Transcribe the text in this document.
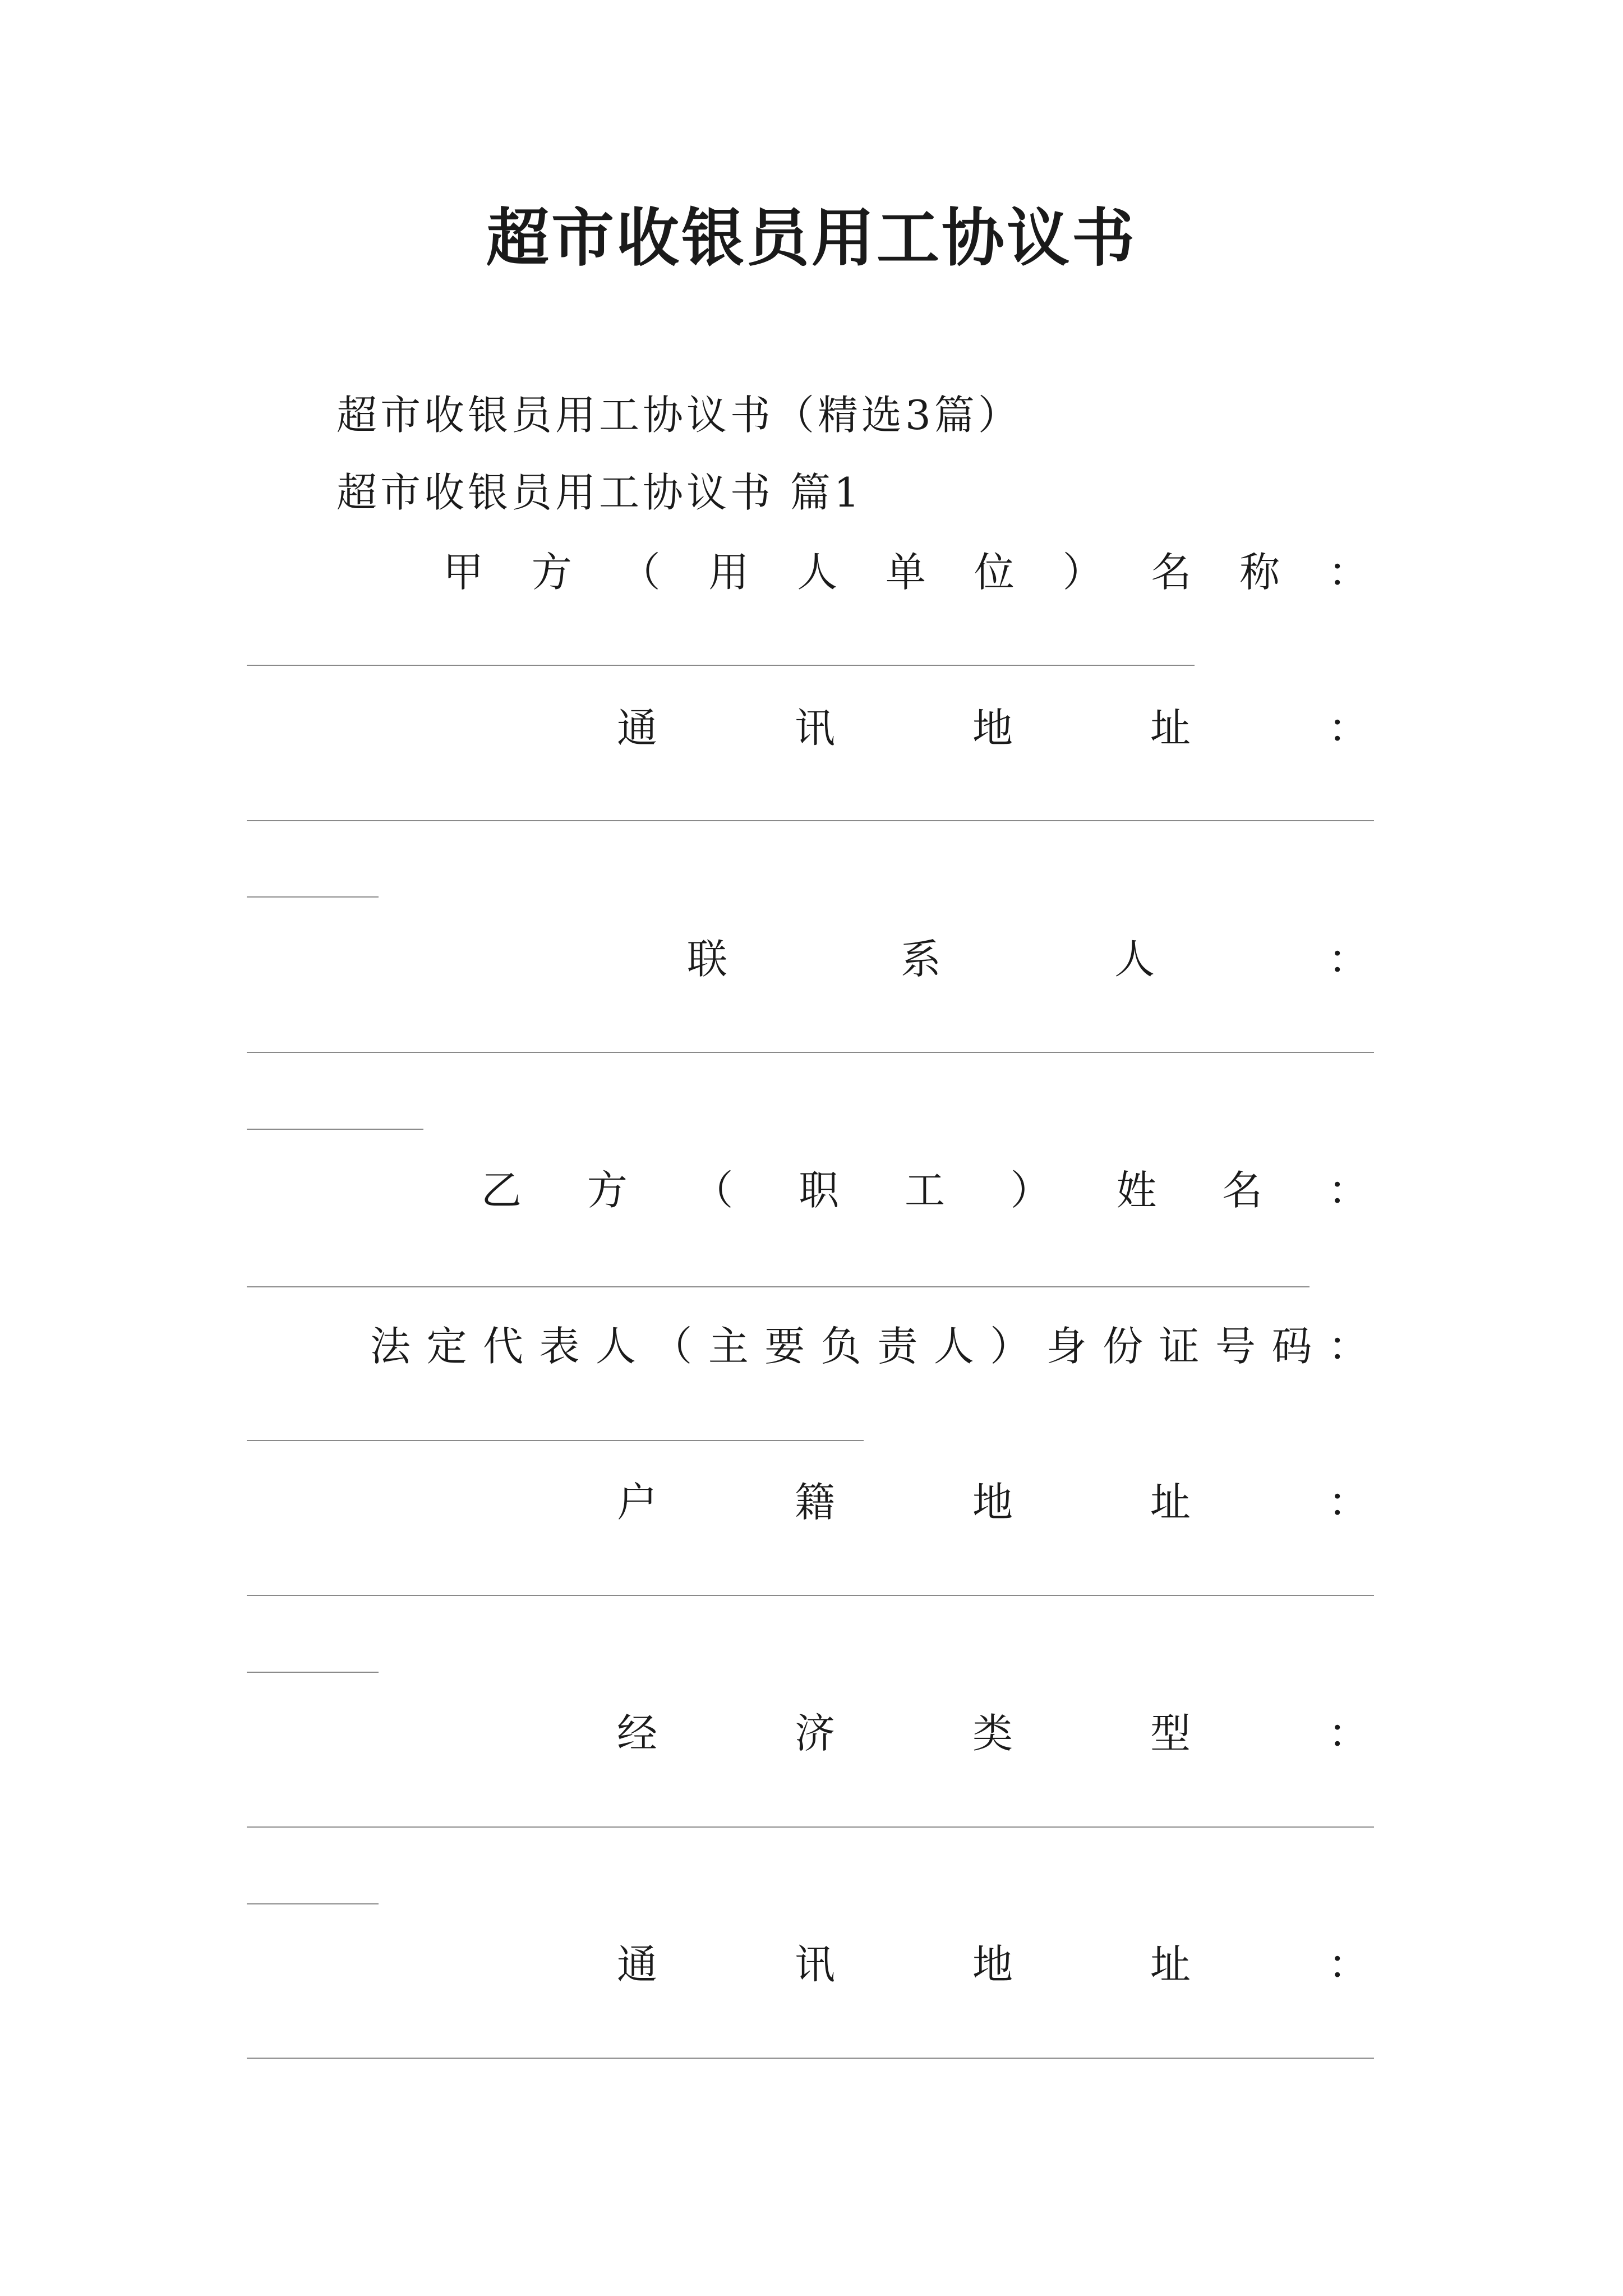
超市收银员用工协议书
超市收银员用工协议书（精选3篇）
超市收银员用工协议书 篇1
甲 方 （ 用 人 单 位 ） 名 称 ：
通	讯	地	址	：
联	系	人	：
乙 方 （ 职 工 ） 姓 名 ：
法 定 代 表 人 （ 主 要 负 责 人 ） 身 份 证 号 码 ：
户	籍	地	址	：
经	济	类	型	：
通	讯	地	址	：
